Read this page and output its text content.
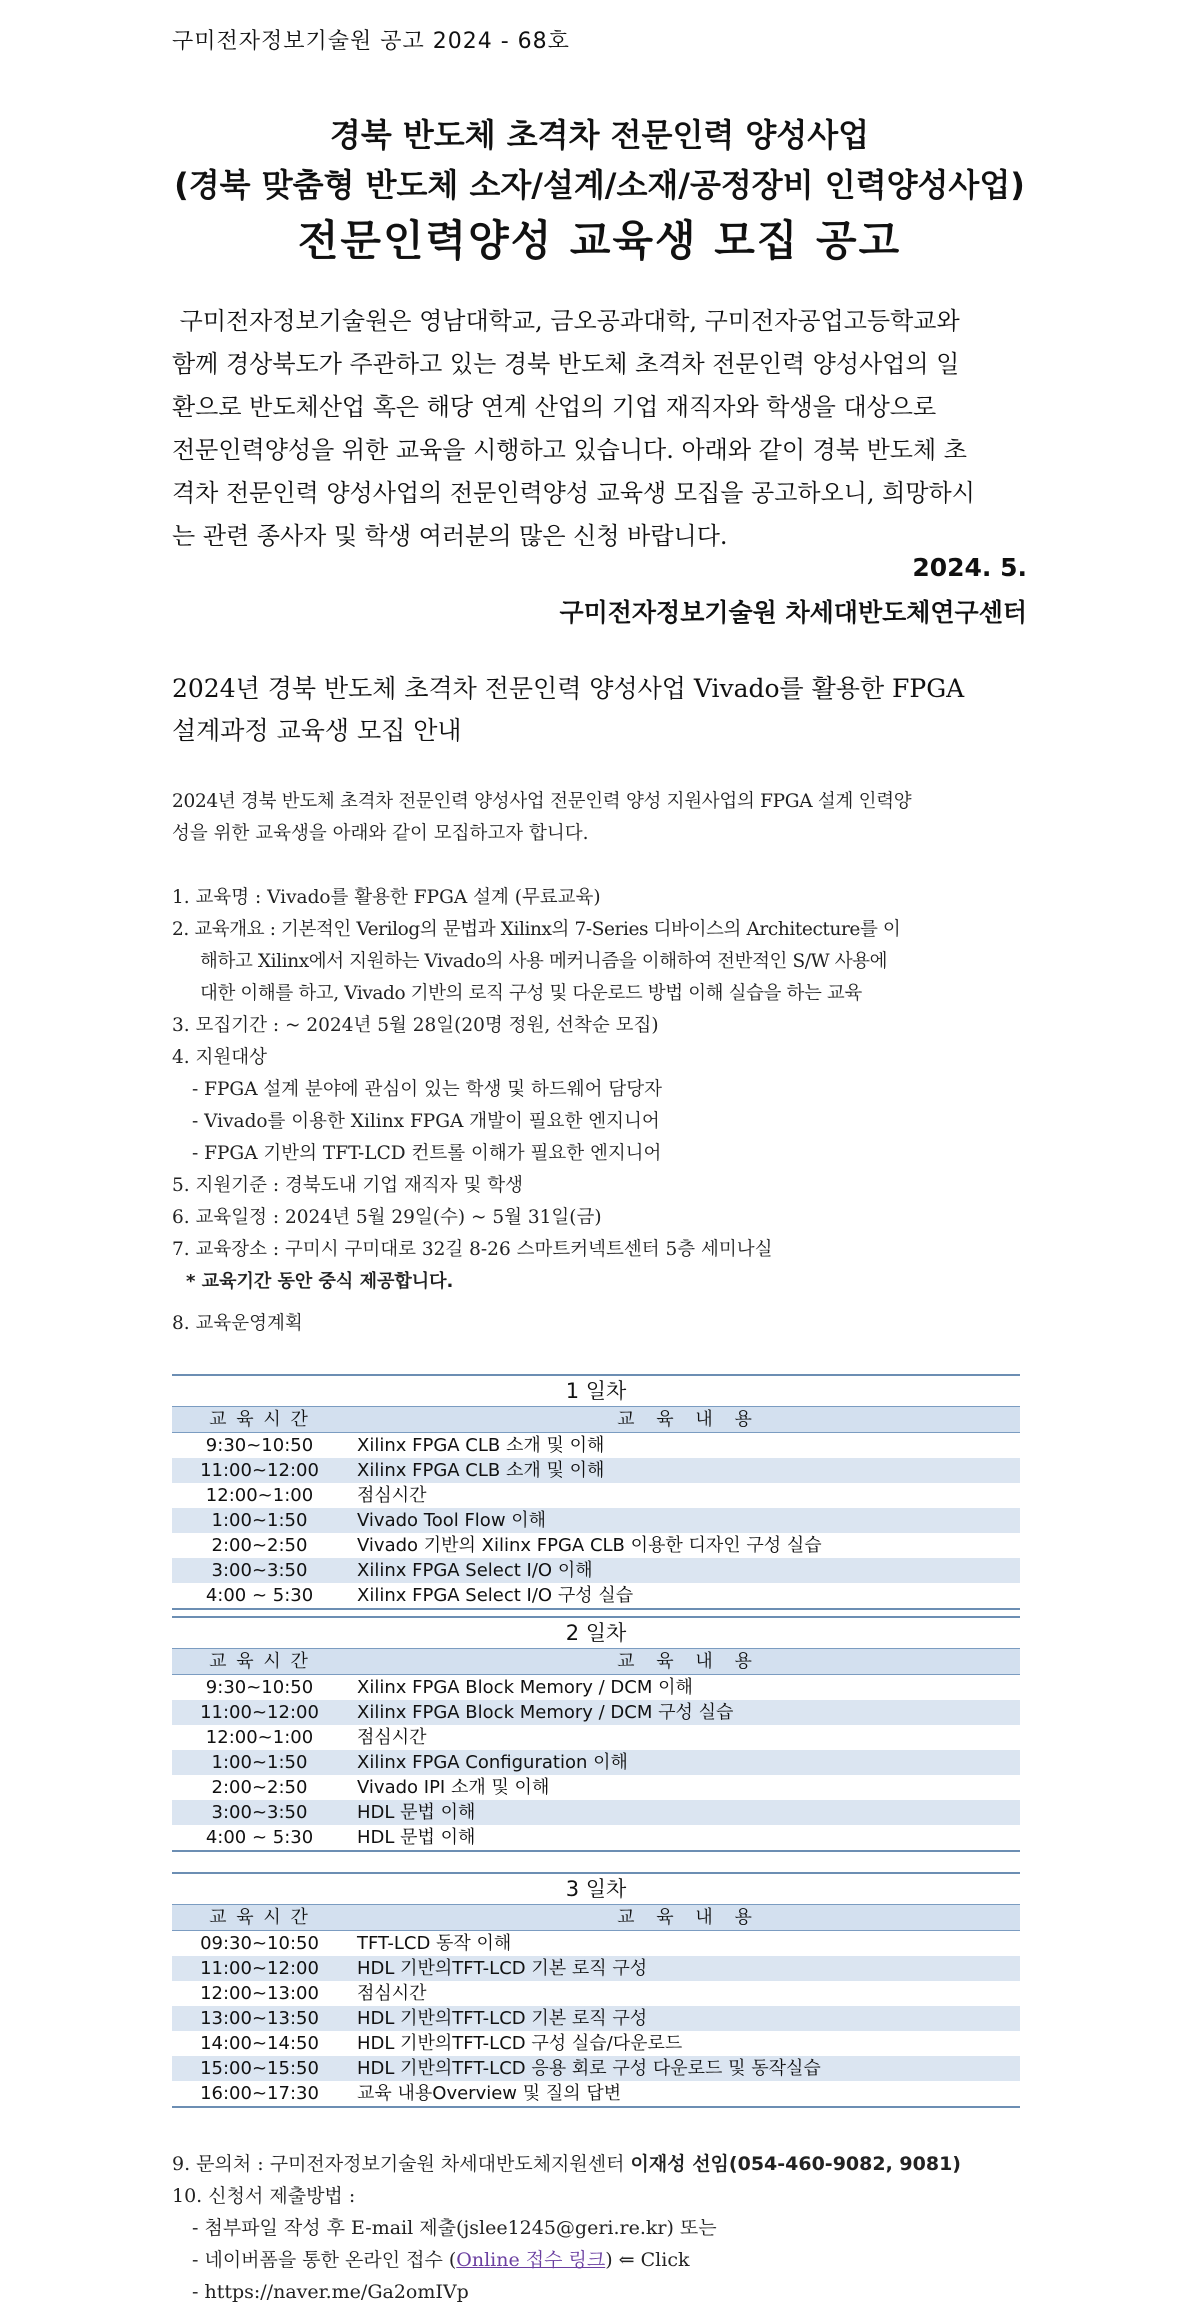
구미전자정보기술원 공고 2024 - 68호
경북 반도체 초격차 전문인력 양성사업
(경북 맞춤형 반도체 소자/설계/소재/공정장비 인력양성사업)
전문인력양성 교육생 모집 공고
구미전자정보기술원은 영남대학교, 금오공과대학, 구미전자공업고등학교와
함께 경상북도가 주관하고 있는 경북 반도체 초격차 전문인력 양성사업의 일
환으로 반도체산업 혹은 해당 연계 산업의 기업 재직자와 학생을 대상으로
전문인력양성을 위한 교육을 시행하고 있습니다. 아래와 같이 경북 반도체 초
격차 전문인력 양성사업의 전문인력양성 교육생 모집을 공고하오니, 희망하시
는 관련 종사자 및 학생 여러분의 많은 신청 바랍니다.
2024. 5.
구미전자정보기술원 차세대반도체연구센터
2024년 경북 반도체 초격차 전문인력 양성사업 Vivado를 활용한 FPGA
설계과정 교육생 모집 안내
2024년 경북 반도체 초격차 전문인력 양성사업 전문인력 양성 지원사업의 FPGA 설계 인력양
성을 위한 교육생을 아래와 같이 모집하고자 합니다.
1. 교육명 : Vivado를 활용한 FPGA 설계 (무료교육)
2. 교육개요 : 기본적인 Verilog의 문법과 Xilinx의 7-Series 디바이스의 Architecture를 이
해하고 Xilinx에서 지원하는 Vivado의 사용 메커니즘을 이해하여 전반적인 S/W 사용에
대한 이해를 하고, Vivado 기반의 로직 구성 및 다운로드 방법 이해 실습을 하는 교육
3. 모집기간 : ~ 2024년 5월 28일(20명 정원, 선착순 모집)
4. 지원대상
- FPGA 설계 분야에 관심이 있는 학생 및 하드웨어 담당자
- Vivado를 이용한 Xilinx FPGA 개발이 필요한 엔지니어
- FPGA 기반의 TFT-LCD 컨트롤 이해가 필요한 엔지니어
5. 지원기준 : 경북도내 기업 재직자 및 학생
6. 교육일정 : 2024년 5월 29일(수) ~ 5월 31일(금)
7. 교육장소 : 구미시 구미대로 32길 8-26 스마트커넥트센터 5층 세미나실
* 교육기간 동안 중식 제공합니다.
8. 교육운영계획
1 일차	
교 육 시 간	교 육 내 용
9:30~10:50	Xilinx FPGA CLB 소개 및 이해
11:00~12:00	Xilinx FPGA CLB 소개 및 이해
12:00~1:00	점심시간
1:00~1:50	Vivado Tool Flow 이해
2:00~2:50	Vivado 기반의 Xilinx FPGA CLB 이용한 디자인 구성 실습
3:00~3:50	Xilinx FPGA Select I/O 이해
4:00 ~ 5:30	Xilinx FPGA Select I/O 구성 실습
2 일차	
교 육 시 간	교 육 내 용
9:30~10:50	Xilinx FPGA Block Memory / DCM 이해
11:00~12:00	Xilinx FPGA Block Memory / DCM 구성 실습
12:00~1:00	점심시간
1:00~1:50	Xilinx FPGA Configuration 이해
2:00~2:50	Vivado IPI 소개 및 이해
3:00~3:50	HDL 문법 이해
4:00 ~ 5:30	HDL 문법 이해
3 일차	
교 육 시 간	교 육 내 용
09:30~10:50	TFT-LCD 동작 이해
11:00~12:00	HDL 기반의TFT-LCD 기본 로직 구성
12:00~13:00	점심시간
13:00~13:50	HDL 기반의TFT-LCD 기본 로직 구성
14:00~14:50	HDL 기반의TFT-LCD 구성 실습/다운로드
15:00~15:50	HDL 기반의TFT-LCD 응용 회로 구성 다운로드 및 동작실습
16:00~17:30	교육 내용Overview 및 질의 답변
9. 문의처 : 구미전자정보기술원 차세대반도체지원센터 이재성 선임(054-460-9082, 9081)
10. 신청서 제출방법 :
- 첨부파일 작성 후 E-mail 제출(jslee1245@geri.re.kr) 또는
- 네이버폼을 통한 온라인 접수 (Online 접수 링크) ⇐ Click
- https://naver.me/Ga2omIVp
